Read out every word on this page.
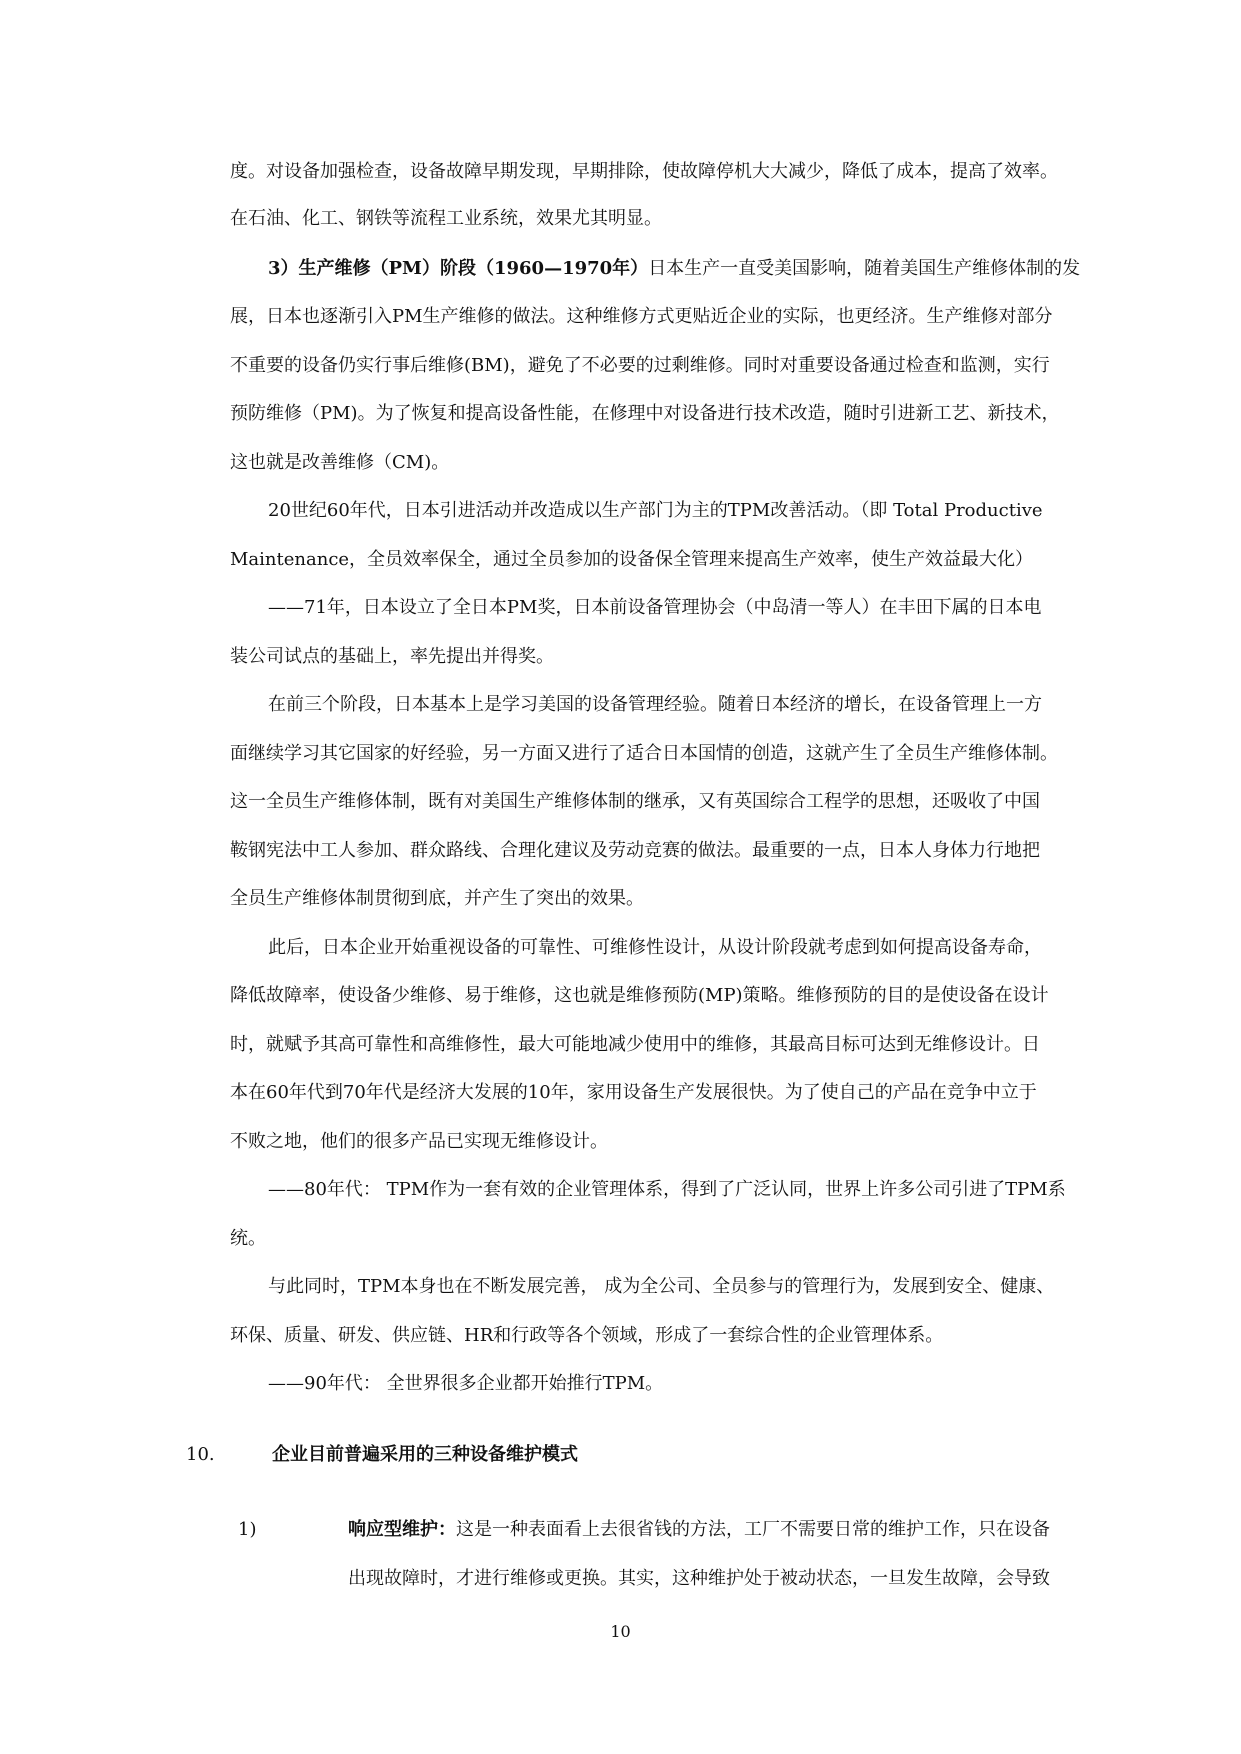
度。对设备加强检查，设备故障早期发现，早期排除，使故障停机大大减少，降低了成本，提高了效率。

在石油、化工、钢铁等流程工业系统，效果尤其明显。

3）生产维修（PM）阶段（1960—1970年）日本生产一直受美国影响，随着美国生产维修体制的发

展，日本也逐渐引入PM生产维修的做法。这种维修方式更贴近企业的实际，也更经济。生产维修对部分

不重要的设备仍实行事后维修(BM)，避免了不必要的过剩维修。同时对重要设备通过检查和监测，实行

预防维修（PM)。为了恢复和提高设备性能，在修理中对设备进行技术改造，随时引进新工艺、新技术，

这也就是改善维修（CM)。

20世纪60年代，日本引进活动并改造成以生产部门为主的TPM改善活动。（即 Total Productive

Maintenance，全员效率保全，通过全员参加的设备保全管理来提高生产效率，使生产效益最大化）

——71年，日本设立了全日本PM奖，日本前设备管理协会（中岛清一等人）在丰田下属的日本电

装公司试点的基础上，率先提出并得奖。

在前三个阶段，日本基本上是学习美国的设备管理经验。随着日本经济的增长，在设备管理上一方

面继续学习其它国家的好经验，另一方面又进行了适合日本国情的创造，这就产生了全员生产维修体制。

这一全员生产维修体制，既有对美国生产维修体制的继承，又有英国综合工程学的思想，还吸收了中国

鞍钢宪法中工人参加、群众路线、合理化建议及劳动竞赛的做法。最重要的一点，日本人身体力行地把

全员生产维修体制贯彻到底，并产生了突出的效果。

此后，日本企业开始重视设备的可靠性、可维修性设计，从设计阶段就考虑到如何提高设备寿命，

降低故障率，使设备少维修、易于维修，这也就是维修预防(MP)策略。维修预防的目的是使设备在设计

时，就赋予其高可靠性和高维修性，最大可能地减少使用中的维修，其最高目标可达到无维修设计。日

本在60年代到70年代是经济大发展的10年，家用设备生产发展很快。为了使自己的产品在竞争中立于

不败之地，他们的很多产品已实现无维修设计。

——80年代： TPM作为一套有效的企业管理体系，得到了广泛认同，世界上许多公司引进了TPM系

统。

与此同时，TPM本身也在不断发展完善， 成为全公司、全员参与的管理行为，发展到安全、健康、

环保、质量、研发、供应链、HR和行政等各个领域，形成了一套综合性的企业管理体系。

——90年代： 全世界很多企业都开始推行TPM。

10.	企业目前普遍采用的三种设备维护模式

1)	响应型维护：这是一种表面看上去很省钱的方法，工厂不需要日常的维护工作，只在设备

出现故障时，才进行维修或更换。其实，这种维护处于被动状态，一旦发生故障，会导致

10
